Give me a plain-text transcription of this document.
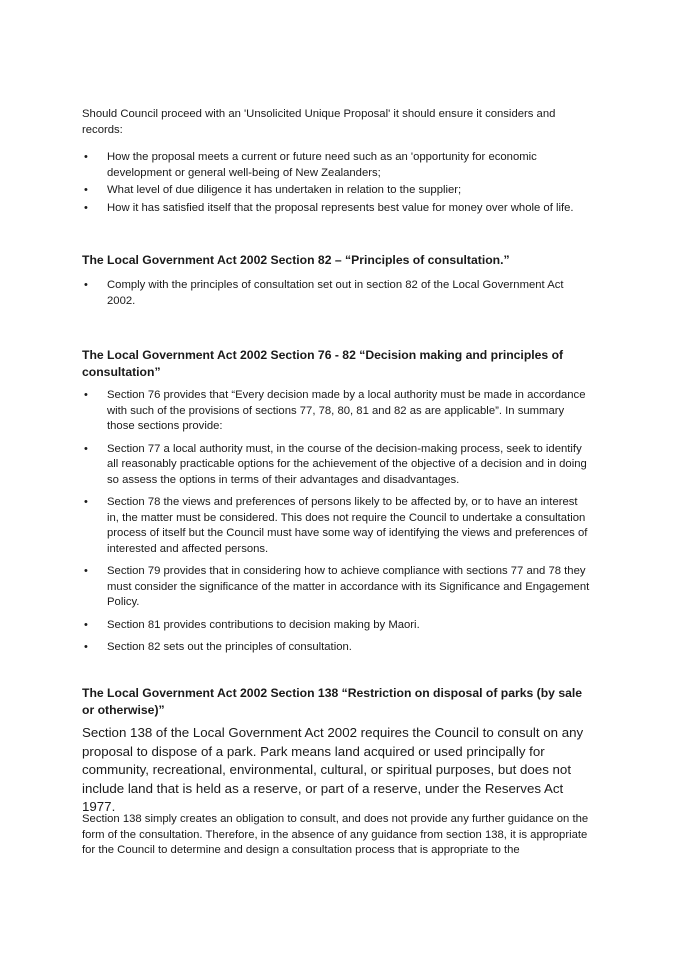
Should Council proceed with an 'Unsolicited Unique Proposal' it should ensure it considers and records:

• How the proposal meets a current or future need such as an 'opportunity for economic development or general well-being of New Zealanders;
• What level of due diligence it has undertaken in relation to the supplier;
• How it has satisfied itself that the proposal represents best value for money over whole of life.

The Local Government Act 2002 Section 82 – “Principles of consultation.”

• Comply with the principles of consultation set out in section 82 of the Local Government Act 2002.

The Local Government Act 2002 Section 76 - 82 “Decision making and principles of consultation”

• Section 76 provides that “Every decision made by a local authority must be made in accordance with such of the provisions of sections 77, 78, 80, 81 and 82 as are applicable”. In summary those sections provide:
• Section 77 a local authority must, in the course of the decision-making process, seek to identify all reasonably practicable options for the achievement of the objective of a decision and in doing so assess the options in terms of their advantages and disadvantages.
• Section 78 the views and preferences of persons likely to be affected by, or to have an interest in, the matter must be considered. This does not require the Council to undertake a consultation process of itself but the Council must have some way of identifying the views and preferences of interested and affected persons.
• Section 79 provides that in considering how to achieve compliance with sections 77 and 78 they must consider the significance of the matter in accordance with its Significance and Engagement Policy.
• Section 81 provides contributions to decision making by Maori.
• Section 82 sets out the principles of consultation.

The Local Government Act 2002 Section 138 “Restriction on disposal of parks (by sale or otherwise)”

Section 138 of the Local Government Act 2002 requires the Council to consult on any proposal to dispose of a park. Park means land acquired or used principally for community, recreational, environmental, cultural, or spiritual purposes, but does not include land that is held as a reserve, or part of a reserve, under the Reserves Act 1977.

Section 138 simply creates an obligation to consult, and does not provide any further guidance on the form of the consultation. Therefore, in the absence of any guidance from section 138, it is appropriate for the Council to determine and design a consultation process that is appropriate to the
